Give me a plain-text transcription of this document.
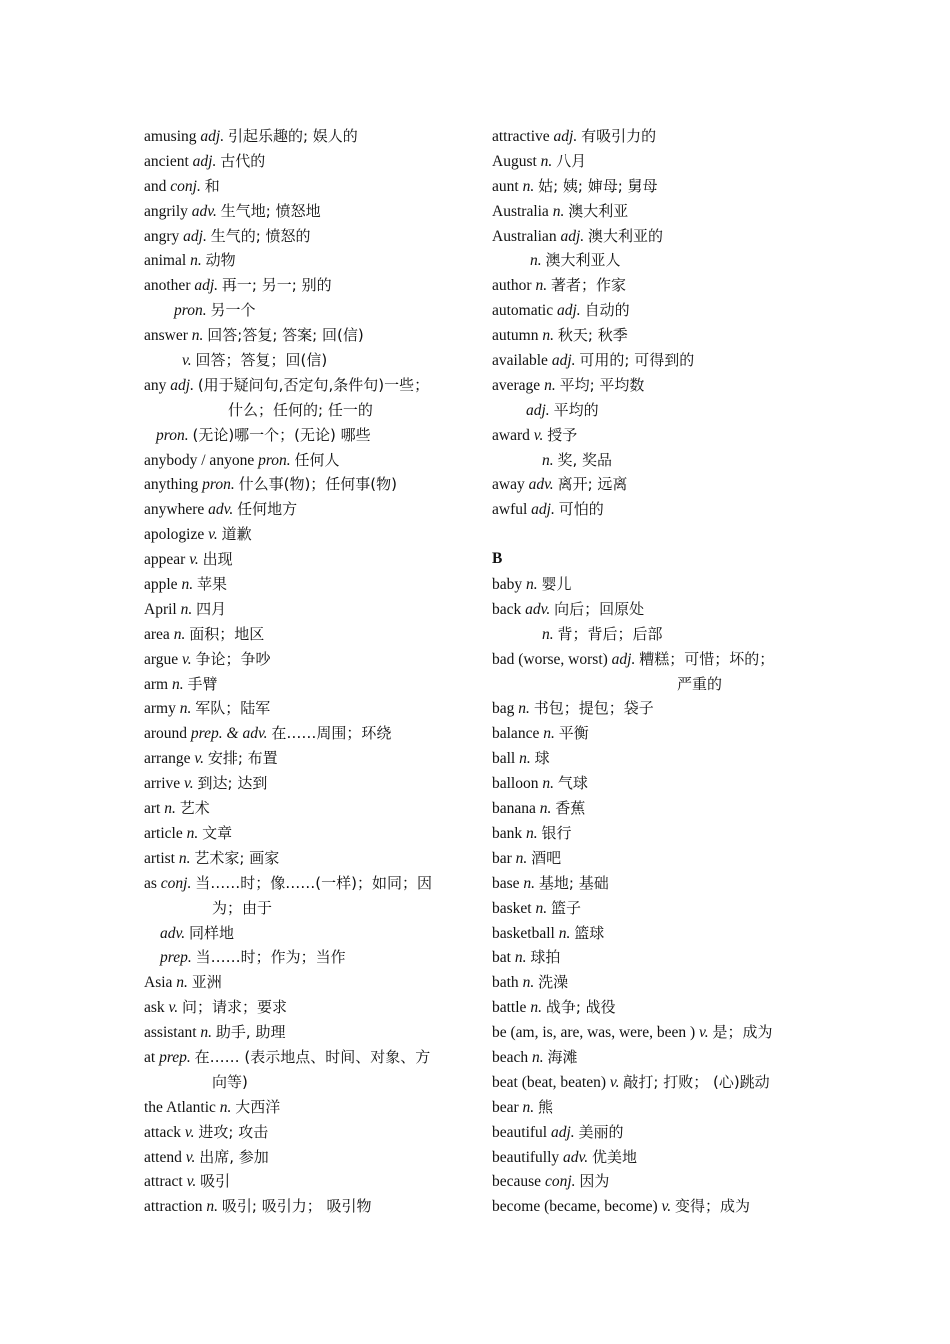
amusing adj. 引起乐趣的; 娱人的
ancient adj. 古代的
and conj. 和
angrily adv. 生气地; 愤怒地
angry adj. 生气的; 愤怒的
animal n. 动物
another adj. 再一; 另一; 别的
pron. 另一个
answer n. 回答;答复; 答案; 回(信)
v. 回答；答复；回(信)
any adj. (用于疑问句,否定句,条件句)一些；
什么；任何的; 任一的
pron. (无论)哪一个；(无论) 哪些
anybody / anyone pron. 任何人
anything pron. 什么事(物)；任何事(物)
anywhere adv. 任何地方
apologize v. 道歉
appear v. 出现
apple n. 苹果
April n. 四月
area n. 面积；地区
argue v. 争论；争吵
arm n. 手臂
army n. 军队；陆军
around prep. & adv. 在……周围；环绕
arrange v. 安排; 布置
arrive v. 到达; 达到
art n. 艺术
article n. 文章
artist n. 艺术家; 画家
as conj. 当……时；像……(一样)；如同；因
为；由于
adv. 同样地
prep. 当……时；作为；当作
Asia n. 亚洲
ask v. 问；请求；要求
assistant n. 助手, 助理
at prep. 在…… (表示地点、时间、对象、方
向等)
the Atlantic n. 大西洋
attack v. 进攻; 攻击
attend v. 出席, 参加
attract v. 吸引
attraction n. 吸引; 吸引力； 吸引物
attractive adj. 有吸引力的
August n. 八月
aunt n. 姑; 姨; 婶母; 舅母
Australia n. 澳大利亚
Australian adj. 澳大利亚的
n. 澳大利亚人
author n. 著者；作家
automatic adj. 自动的
autumn n. 秋天; 秋季
available adj. 可用的; 可得到的
average n. 平均; 平均数
adj. 平均的
award v. 授予
n. 奖, 奖品
away adv. 离开; 远离
awful adj. 可怕的
B
baby n. 婴儿
back adv. 向后；回原处
n. 背；背后；后部
bad (worse, worst) adj. 糟糕；可惜；坏的；
严重的
bag n. 书包；提包；袋子
balance n. 平衡
ball n. 球
balloon n. 气球
banana n. 香蕉
bank n. 银行
bar n. 酒吧
base n. 基地; 基础
basket n. 篮子
basketball n. 篮球
bat n. 球拍
bath n. 洗澡
battle n. 战争; 战役
be (am, is, are, was, were, been ) v. 是；成为
beach n. 海滩
beat (beat, beaten) v. 敲打; 打败； (心)跳动
bear n. 熊
beautiful adj. 美丽的
beautifully adv. 优美地
because conj. 因为
become (became, become) v. 变得；成为
